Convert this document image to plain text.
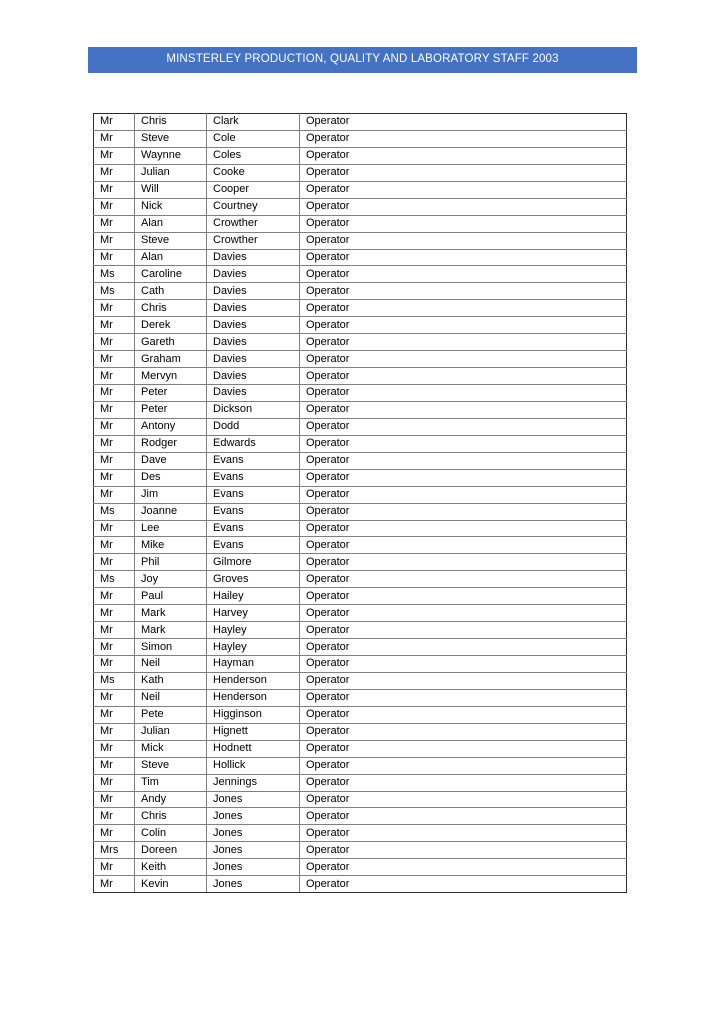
MINSTERLEY PRODUCTION, QUALITY AND LABORATORY STAFF 2003
Mr	Chris	Clark	Operator
Mr	Steve	Cole	Operator
Mr	Waynne	Coles	Operator
Mr	Julian	Cooke	Operator
Mr	Will	Cooper	Operator
Mr	Nick	Courtney	Operator
Mr	Alan	Crowther	Operator
Mr	Steve	Crowther	Operator
Mr	Alan	Davies	Operator
Ms	Caroline	Davies	Operator
Ms	Cath	Davies	Operator
Mr	Chris	Davies	Operator
Mr	Derek	Davies	Operator
Mr	Gareth	Davies	Operator
Mr	Graham	Davies	Operator
Mr	Mervyn	Davies	Operator
Mr	Peter	Davies	Operator
Mr	Peter	Dickson	Operator
Mr	Antony	Dodd	Operator
Mr	Rodger	Edwards	Operator
Mr	Dave	Evans	Operator
Mr	Des	Evans	Operator
Mr	Jim	Evans	Operator
Ms	Joanne	Evans	Operator
Mr	Lee	Evans	Operator
Mr	Mike	Evans	Operator
Mr	Phil	Gilmore	Operator
Ms	Joy	Groves	Operator
Mr	Paul	Hailey	Operator
Mr	Mark	Harvey	Operator
Mr	Mark	Hayley	Operator
Mr	Simon	Hayley	Operator
Mr	Neil	Hayman	Operator
Ms	Kath	Henderson	Operator
Mr	Neil	Henderson	Operator
Mr	Pete	Higginson	Operator
Mr	Julian	Hignett	Operator
Mr	Mick	Hodnett	Operator
Mr	Steve	Hollick	Operator
Mr	Tim	Jennings	Operator
Mr	Andy	Jones	Operator
Mr	Chris	Jones	Operator
Mr	Colin	Jones	Operator
Mrs	Doreen	Jones	Operator
Mr	Keith	Jones	Operator
Mr	Kevin	Jones	Operator
